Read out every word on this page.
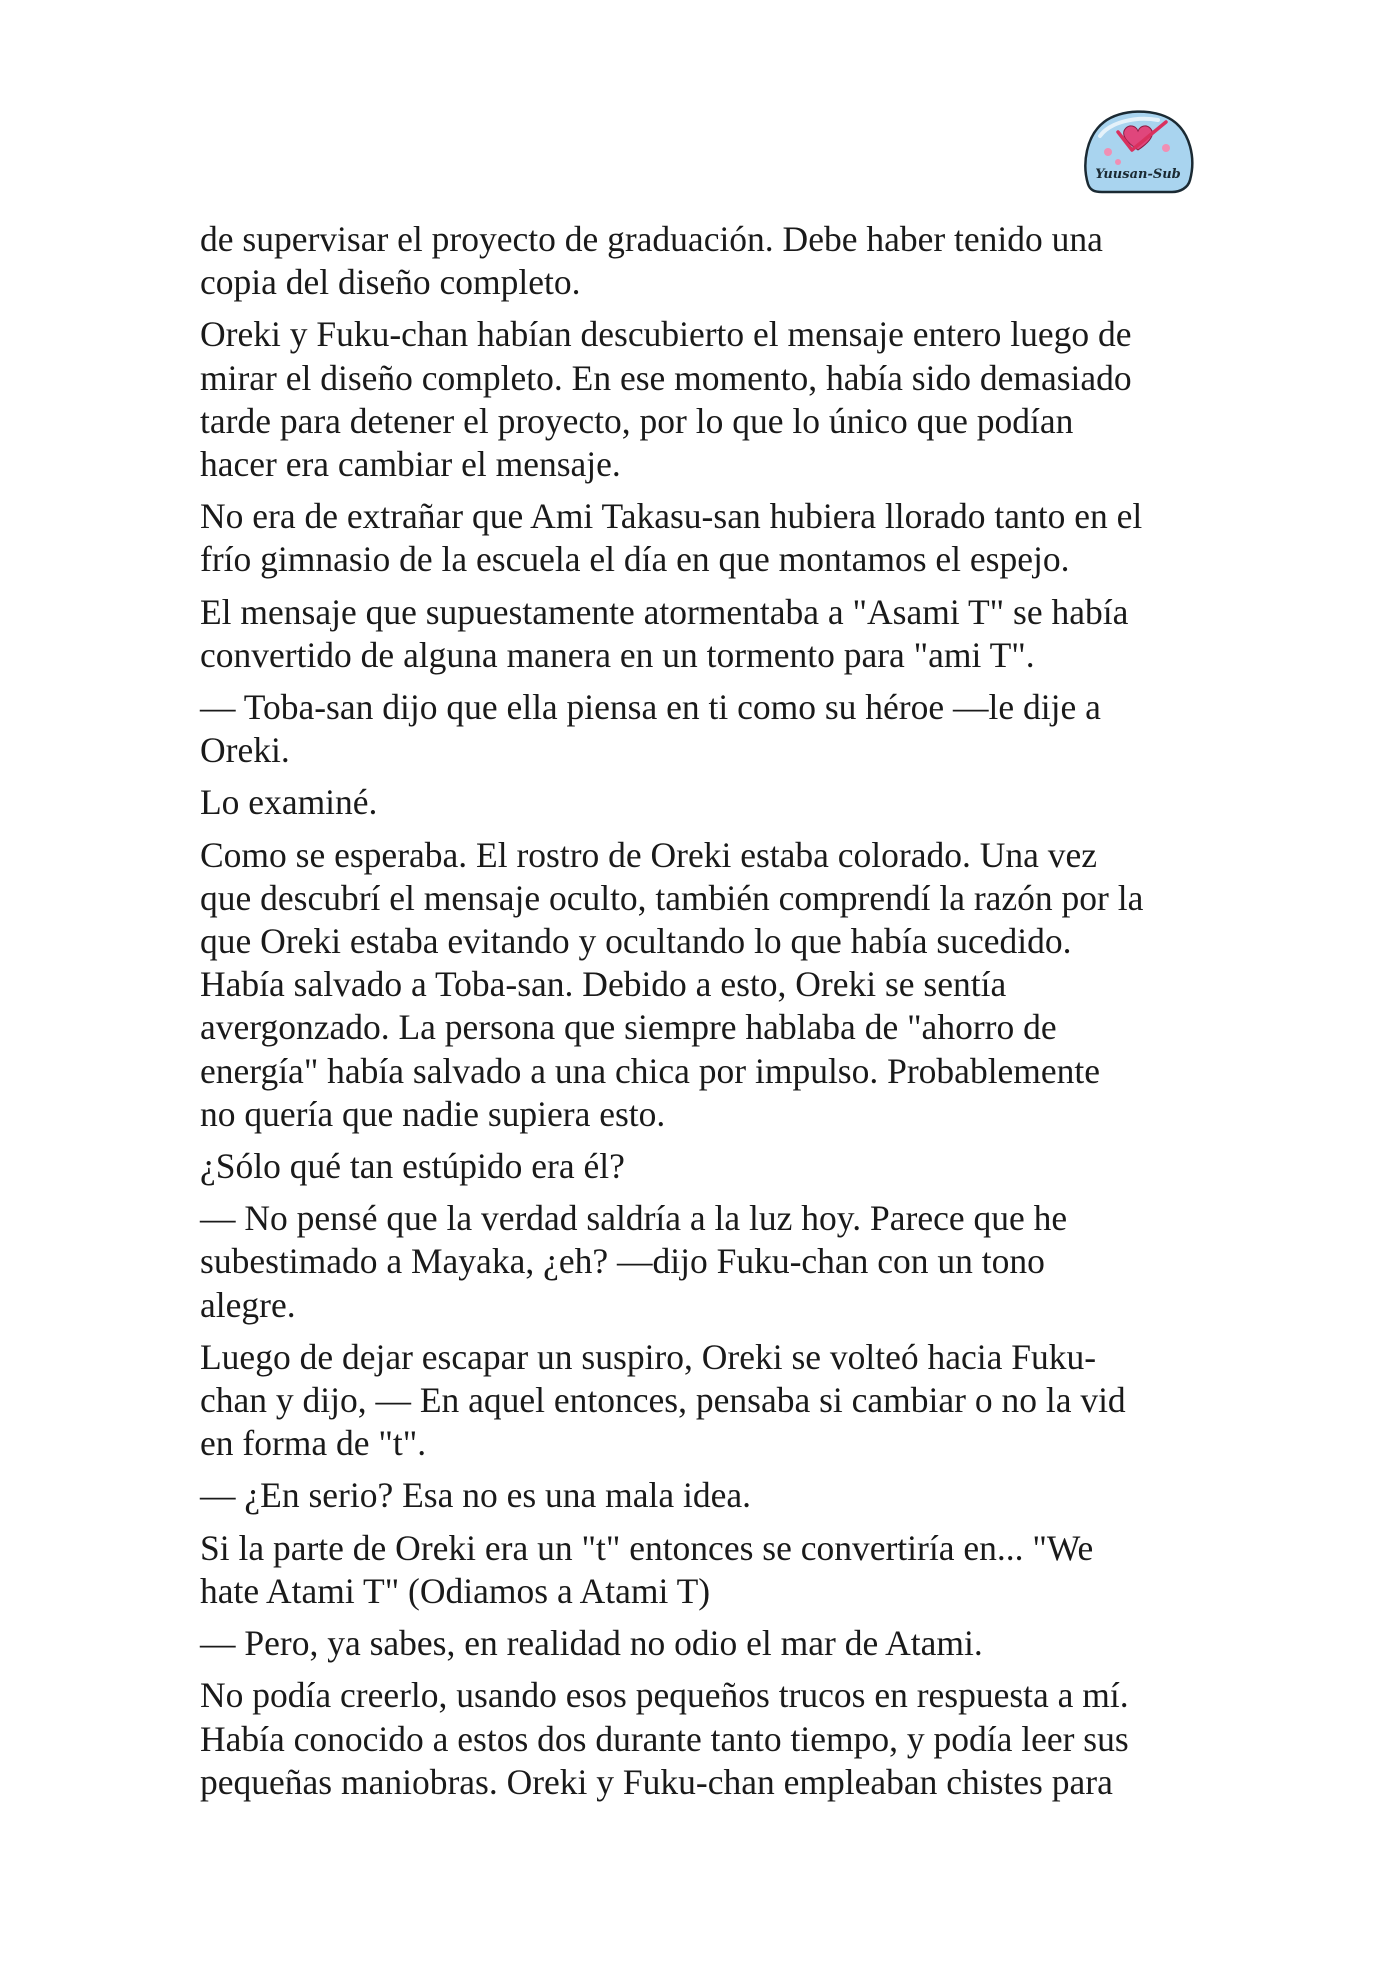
Yuusan-Sub

de supervisar el proyecto de graduación. Debe haber tenido una
copia del diseño completo.

Oreki y Fuku-chan habían descubierto el mensaje entero luego de
mirar el diseño completo. En ese momento, había sido demasiado
tarde para detener el proyecto, por lo que lo único que podían
hacer era cambiar el mensaje.

No era de extrañar que Ami Takasu-san hubiera llorado tanto en el
frío gimnasio de la escuela el día en que montamos el espejo.

El mensaje que supuestamente atormentaba a "Asami T" se había
convertido de alguna manera en un tormento para "ami T".

— Toba-san dijo que ella piensa en ti como su héroe —le dije a
Oreki.

Lo examiné.

Como se esperaba. El rostro de Oreki estaba colorado. Una vez
que descubrí el mensaje oculto, también comprendí la razón por la
que Oreki estaba evitando y ocultando lo que había sucedido.
Había salvado a Toba-san. Debido a esto, Oreki se sentía
avergonzado. La persona que siempre hablaba de "ahorro de
energía" había salvado a una chica por impulso. Probablemente
no quería que nadie supiera esto.

¿Sólo qué tan estúpido era él?

— No pensé que la verdad saldría a la luz hoy. Parece que he
subestimado a Mayaka, ¿eh? —dijo Fuku-chan con un tono
alegre.

Luego de dejar escapar un suspiro, Oreki se volteó hacia Fuku-
chan y dijo, — En aquel entonces, pensaba si cambiar o no la vid
en forma de "t".

— ¿En serio? Esa no es una mala idea.

Si la parte de Oreki era un "t" entonces se convertiría en... "We
hate Atami T" (Odiamos a Atami T)

— Pero, ya sabes, en realidad no odio el mar de Atami.

No podía creerlo, usando esos pequeños trucos en respuesta a mí.
Había conocido a estos dos durante tanto tiempo, y podía leer sus
pequeñas maniobras. Oreki y Fuku-chan empleaban chistes para
